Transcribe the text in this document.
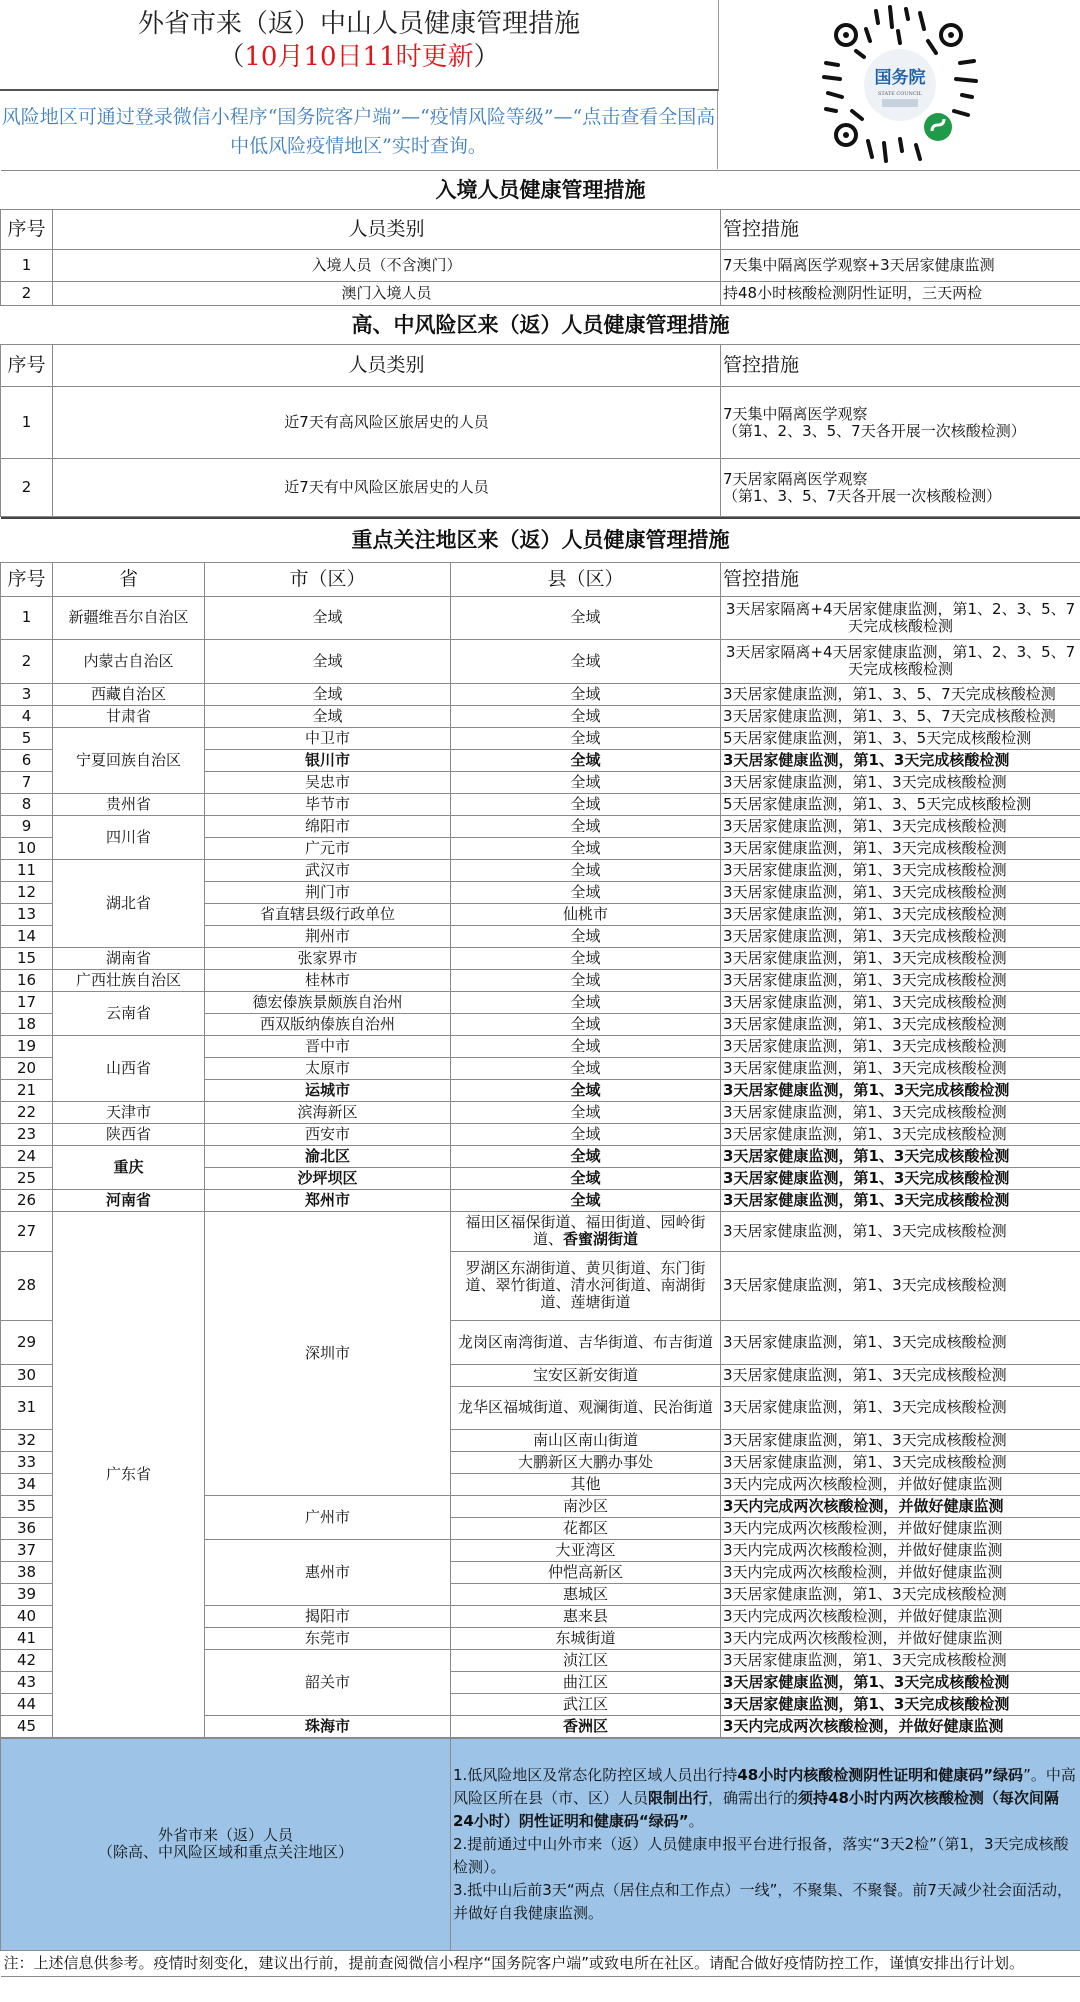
外省市来（返）中山人员健康管理措施
（10月10日11时更新）
风险地区可通过登录微信小程序“国务院客户端”—“疫情风险等级”—“点击查看全国高中低风险疫情地区”实时查询。
国务院
STATE COUNCIL
入境人员健康管理措施		
序号	人员类别	管控措施
1	入境人员（不含澳门）	7天集中隔离医学观察+3天居家健康监测
2	澳门入境人员	持48小时核酸检测阴性证明，三天两检
高、中风险区来（返）人员健康管理措施		
序号	人员类别	管控措施
1	近7天有高风险区旅居史的人员	7天集中隔离医学观察
（第1、2、3、5、7天各开展一次核酸检测）

2	近7天有中风险区旅居史的人员	7天居家隔离医学观察
（第1、3、5、7天各开展一次核酸检测）
重点关注地区来（返）人员健康管理措施				
序号	省	市（区）	县（区）	管控措施
1	新疆维吾尔自治区	全域	全域	3天居家隔离+4天居家健康监测，第1、2、3、5、7天完成核酸检测
2	内蒙古自治区	全域	全域	3天居家隔离+4天居家健康监测，第1、2、3、5、7天完成核酸检测
3	西藏自治区	全域	全域	3天居家健康监测，第1、3、5、7天完成核酸检测
4	甘肃省	全域	全域	3天居家健康监测，第1、3、5、7天完成核酸检测
5	宁夏回族自治区	中卫市	全域	5天居家健康监测，第1、3、5天完成核酸检测
6		银川市	全域	3天居家健康监测，第1、3天完成核酸检测
7		吴忠市	全域	3天居家健康监测，第1、3天完成核酸检测
8	贵州省	毕节市	全域	5天居家健康监测，第1、3、5天完成核酸检测
9	四川省	绵阳市	全域	3天居家健康监测，第1、3天完成核酸检测
10		广元市	全域	3天居家健康监测，第1、3天完成核酸检测
11	湖北省	武汉市	全域	3天居家健康监测，第1、3天完成核酸检测
12		荆门市	全域	3天居家健康监测，第1、3天完成核酸检测
13		省直辖县级行政单位	仙桃市	3天居家健康监测，第1、3天完成核酸检测
14		荆州市	全域	3天居家健康监测，第1、3天完成核酸检测
15	湖南省	张家界市	全域	3天居家健康监测，第1、3天完成核酸检测
16	广西壮族自治区	桂林市	全域	3天居家健康监测，第1、3天完成核酸检测
17	云南省	德宏傣族景颇族自治州	全域	3天居家健康监测，第1、3天完成核酸检测
18		西双版纳傣族自治州	全域	3天居家健康监测，第1、3天完成核酸检测
19	山西省	晋中市	全域	3天居家健康监测，第1、3天完成核酸检测
20		太原市	全域	3天居家健康监测，第1、3天完成核酸检测
21		运城市	全域	3天居家健康监测，第1、3天完成核酸检测
22	天津市	滨海新区	全域	3天居家健康监测，第1、3天完成核酸检测
23	陕西省	西安市	全域	3天居家健康监测，第1、3天完成核酸检测
24	重庆	渝北区	全域	3天居家健康监测，第1、3天完成核酸检测
25		沙坪坝区	全域	3天居家健康监测，第1、3天完成核酸检测
26	河南省	郑州市	全域	3天居家健康监测，第1、3天完成核酸检测
27	广东省	深圳市	福田区福保街道、福田街道、园岭街道、香蜜湖街道	3天居家健康监测，第1、3天完成核酸检测
28			罗湖区东湖街道、黄贝街道、东门街道、翠竹街道、清水河街道、南湖街道、莲塘街道	3天居家健康监测，第1、3天完成核酸检测
29			龙岗区南湾街道、吉华街道、布吉街道	3天居家健康监测，第1、3天完成核酸检测
30			宝安区新安街道	3天居家健康监测，第1、3天完成核酸检测
31			龙华区福城街道、观澜街道、民治街道	3天居家健康监测，第1、3天完成核酸检测
32			南山区南山街道	3天居家健康监测，第1、3天完成核酸检测
33			大鹏新区大鹏办事处	3天居家健康监测，第1、3天完成核酸检测
34			其他	3天内完成两次核酸检测，并做好健康监测
35		广州市	南沙区	3天内完成两次核酸检测，并做好健康监测
36			花都区	3天内完成两次核酸检测，并做好健康监测
37		惠州市	大亚湾区	3天内完成两次核酸检测，并做好健康监测
38			仲恺高新区	3天内完成两次核酸检测，并做好健康监测
39			惠城区	3天居家健康监测，第1、3天完成核酸检测
40		揭阳市	惠来县	3天内完成两次核酸检测，并做好健康监测
41		东莞市	东城街道	3天内完成两次核酸检测，并做好健康监测
42		韶关市	浈江区	3天居家健康监测，第1、3天完成核酸检测
43			曲江区	3天居家健康监测，第1、3天完成核酸检测
44			武江区	3天居家健康监测，第1、3天完成核酸检测
45		珠海市	香洲区	3天内完成两次核酸检测，并做好健康监测
外省市来（返）人员
（除高、中风险区域和重点关注地区）

1.低风险地区及常态化防控区域人员出行持48小时内核酸检测阴性证明和健康码”绿码”。中高风险区所在县（市、区）人员限制出行，确需出行的须持48小时内两次核酸检测（每次间隔24小时）阴性证明和健康码“绿码”。
2.提前通过中山外市来（返）人员健康申报平台进行报备，落实“3天2检”（第1，3天完成核酸检测）。
3.抵中山后前3天“两点（居住点和工作点）一线”，不聚集、不聚餐。前7天减少社会面活动，并做好自我健康监测。

注：上述信息供参考。疫情时刻变化，建议出行前，提前查阅微信小程序“国务院客户端”或致电所在社区。请配合做好疫情防控工作，谨慎安排出行计划。
